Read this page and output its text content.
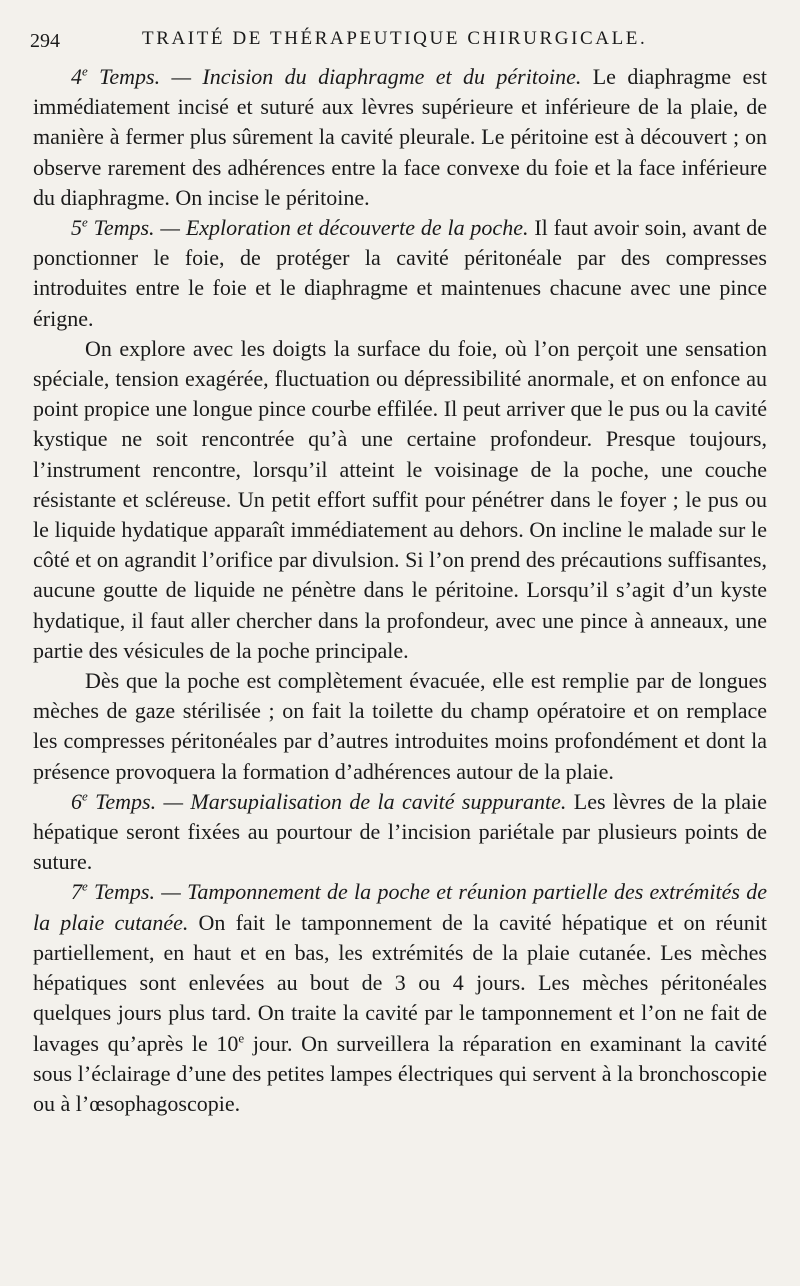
294	TRAITÉ DE THÉRAPEUTIQUE CHIRURGICALE.

4e Temps. — Incision du diaphragme et du péritoine. Le diaphragme est immédiatement incisé et suturé aux lèvres supérieure et inférieure de la plaie, de manière à fermer plus sûrement la cavité pleurale. Le péritoine est à découvert ; on observe rarement des adhérences entre la face convexe du foie et la face inférieure du diaphragme. On incise le péritoine.

5e Temps. — Exploration et découverte de la poche. Il faut avoir soin, avant de ponctionner le foie, de protéger la cavité péritonéale par des compresses introduites entre le foie et le diaphragme et maintenues chacune avec une pince érigne.

On explore avec les doigts la surface du foie, où l’on perçoit une sensation spéciale, tension exagérée, fluctuation ou dépressibilité anormale, et on enfonce au point propice une longue pince courbe effilée. Il peut arriver que le pus ou la cavité kystique ne soit rencontrée qu’à une certaine profondeur. Presque toujours, l’instrument rencontre, lorsqu’il atteint le voisinage de la poche, une couche résistante et scléreuse. Un petit effort suffit pour pénétrer dans le foyer ; le pus ou le liquide hydatique apparaît immédiatement au dehors. On incline le malade sur le côté et on agrandit l’orifice par divulsion. Si l’on prend des précautions suffisantes, aucune goutte de liquide ne pénètre dans le péritoine. Lorsqu’il s’agit d’un kyste hydatique, il faut aller chercher dans la profondeur, avec une pince à anneaux, une partie des vésicules de la poche principale.

Dès que la poche est complètement évacuée, elle est remplie par de longues mèches de gaze stérilisée ; on fait la toilette du champ opératoire et on remplace les compresses péritonéales par d’autres introduites moins profondément et dont la présence provoquera la formation d’adhérences autour de la plaie.

6e Temps. — Marsupialisation de la cavité suppurante. Les lèvres de la plaie hépatique seront fixées au pourtour de l’incision pariétale par plusieurs points de suture.

7e Temps. — Tamponnement de la poche et réunion partielle des extrémités de la plaie cutanée. On fait le tamponnement de la cavité hépatique et on réunit partiellement, en haut et en bas, les extrémités de la plaie cutanée. Les mèches hépatiques sont enlevées au bout de 3 ou 4 jours. Les mèches péritonéales quelques jours plus tard. On traite la cavité par le tamponnement et l’on ne fait de lavages qu’après le 10e jour. On surveillera la réparation en examinant la cavité sous l’éclairage d’une des petites lampes électriques qui servent à la bronchoscopie ou à l’œsophagoscopie.
